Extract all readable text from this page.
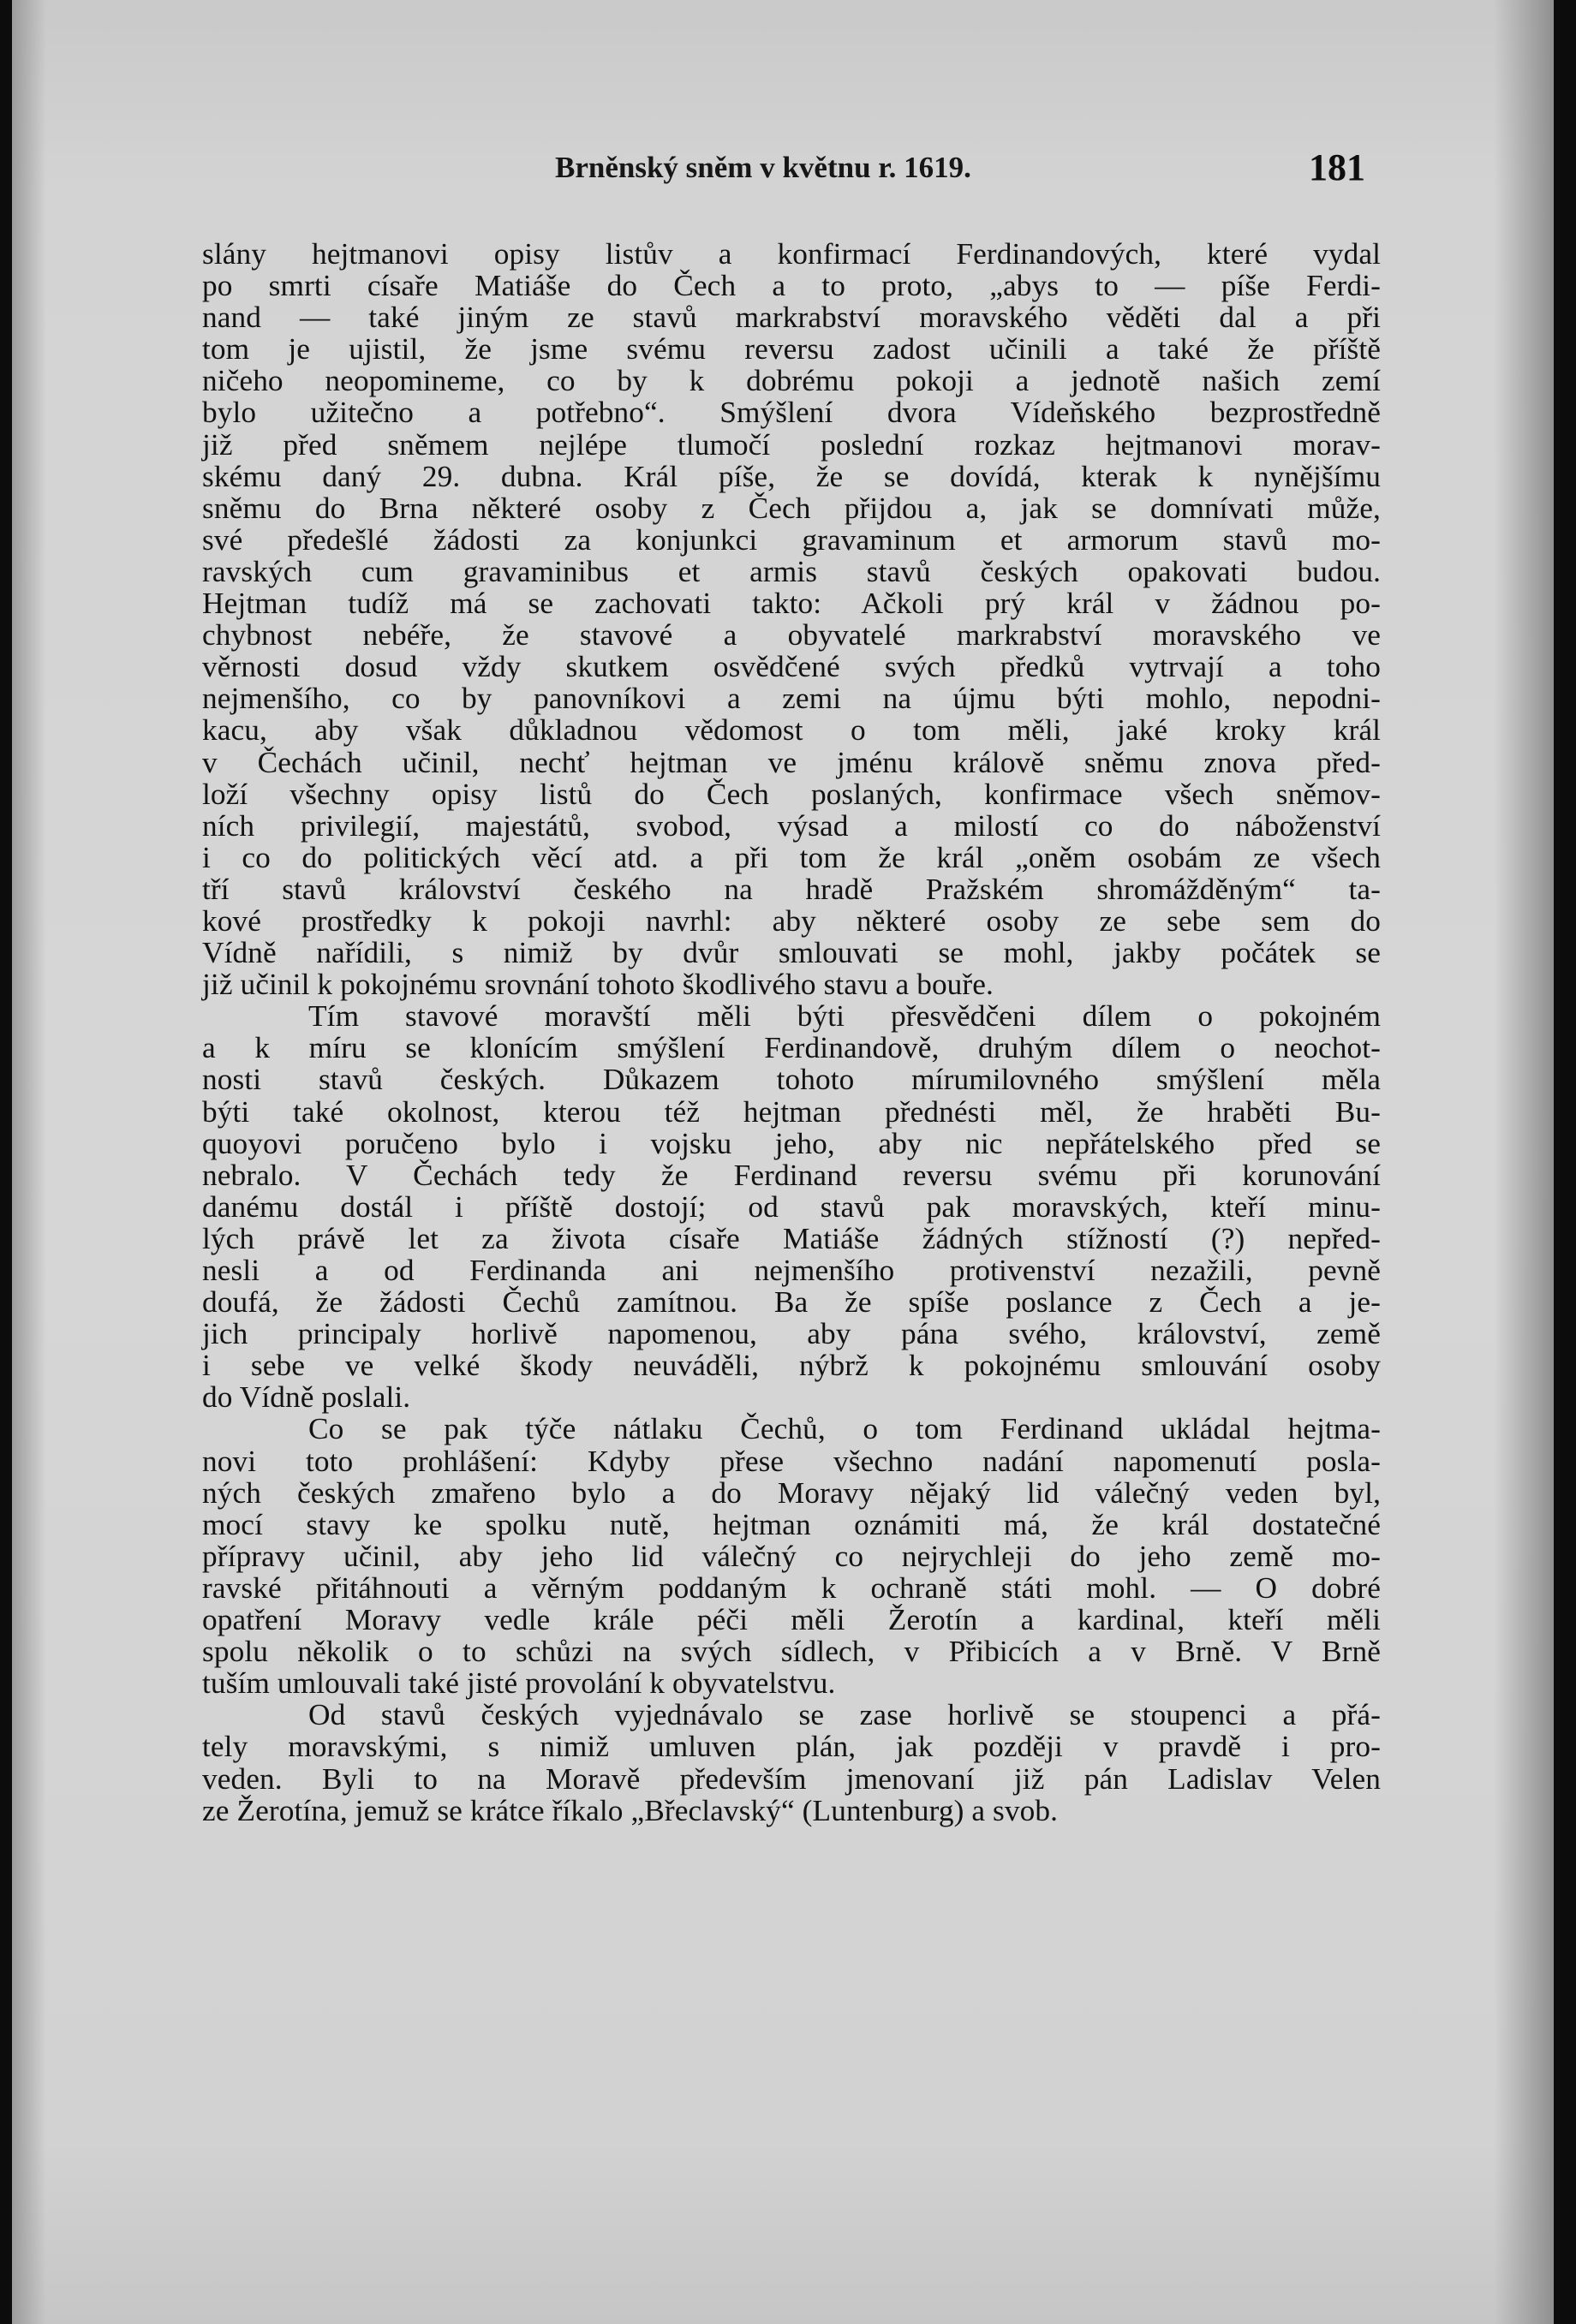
Brněnský sněm v květnu r. 1619.	181
slány hejtmanovi opisy listův a konfirmací Ferdinandových, které vydal
po smrti císaře Matiáše do Čech a to proto, „abys to — píše Ferdi-
nand — také jiným ze stavů markrabství moravského věděti dal a při
tom je ujistil, že jsme svému reversu zadost učinili a také že příště
ničeho neopomineme, co by k dobrému pokoji a jednotě našich zemí
bylo užitečno a potřebno“. Smýšlení dvora Vídeňského bezprostředně
již před sněmem nejlépe tlumočí poslední rozkaz hejtmanovi morav-
skému daný 29. dubna. Král píše, že se dovídá, kterak k nynějšímu
sněmu do Brna některé osoby z Čech přijdou a, jak se domnívati může,
své předešlé žádosti za konjunkci gravaminum et armorum stavů mo-
ravských cum gravaminibus et armis stavů českých opakovati budou.
Hejtman tudíž má se zachovati takto: Ačkoli prý král v žádnou po-
chybnost nebéře, že stavové a obyvatelé markrabství moravského ve
věrnosti dosud vždy skutkem osvědčené svých předků vytrvají a toho
nejmenšího, co by panovníkovi a zemi na újmu býti mohlo, nepodni-
kacu, aby však důkladnou vědomost o tom měli, jaké kroky král
v Čechách učinil, nechť hejtman ve jménu králově sněmu znova před-
loží všechny opisy listů do Čech poslaných, konfirmace všech sněmov-
ních privilegií, majestátů, svobod, výsad a milostí co do náboženství
i co do politických věcí atd. a při tom že král „oněm osobám ze všech
tří stavů království českého na hradě Pražském shromážděným“ ta-
kové prostředky k pokoji navrhl: aby některé osoby ze sebe sem do
Vídně nařídili, s nimiž by dvůr smlouvati se mohl, jakby počátek se
již učinil k pokojnému srovnání tohoto škodlivého stavu a bouře.
Tím stavové moravští měli býti přesvědčeni dílem o pokojném
a k míru se klonícím smýšlení Ferdinandově, druhým dílem o neochot-
nosti stavů českých. Důkazem tohoto mírumilovného smýšlení měla
býti také okolnost, kterou též hejtman přednésti měl, že hraběti Bu-
quoyovi poručeno bylo i vojsku jeho, aby nic nepřátelského před se
nebralo. V Čechách tedy že Ferdinand reversu svému při korunování
danému dostál i příště dostojí; od stavů pak moravských, kteří minu-
lých právě let za života císaře Matiáše žádných stížností (?) nepřed-
nesli a od Ferdinanda ani nejmenšího protivenství nezažili, pevně
doufá, že žádosti Čechů zamítnou. Ba že spíše poslance z Čech a je-
jich principaly horlivě napomenou, aby pána svého, království, země
i sebe ve velké škody neuváděli, nýbrž k pokojnému smlouvání osoby
do Vídně poslali.
Co se pak týče nátlaku Čechů, o tom Ferdinand ukládal hejtma-
novi toto prohlášení: Kdyby přese všechno nadání napomenutí posla-
ných českých zmařeno bylo a do Moravy nějaký lid válečný veden byl,
mocí stavy ke spolku nutě, hejtman oznámiti má, že král dostatečné
přípravy učinil, aby jeho lid válečný co nejrychleji do jeho země mo-
ravské přitáhnouti a věrným poddaným k ochraně státi mohl. — O dobré
opatření Moravy vedle krále péči měli Žerotín a kardinal, kteří měli
spolu několik o to schůzi na svých sídlech, v Přibicích a v Brně. V Brně
tuším umlouvali také jisté provolání k obyvatelstvu.
Od stavů českých vyjednávalo se zase horlivě se stoupenci a přá-
tely moravskými, s nimiž umluven plán, jak později v pravdě i pro-
veden. Byli to na Moravě především jmenovaní již pán Ladislav Velen
ze Žerotína, jemuž se krátce říkalo „Břeclavský“ (Luntenburg) a svob.
